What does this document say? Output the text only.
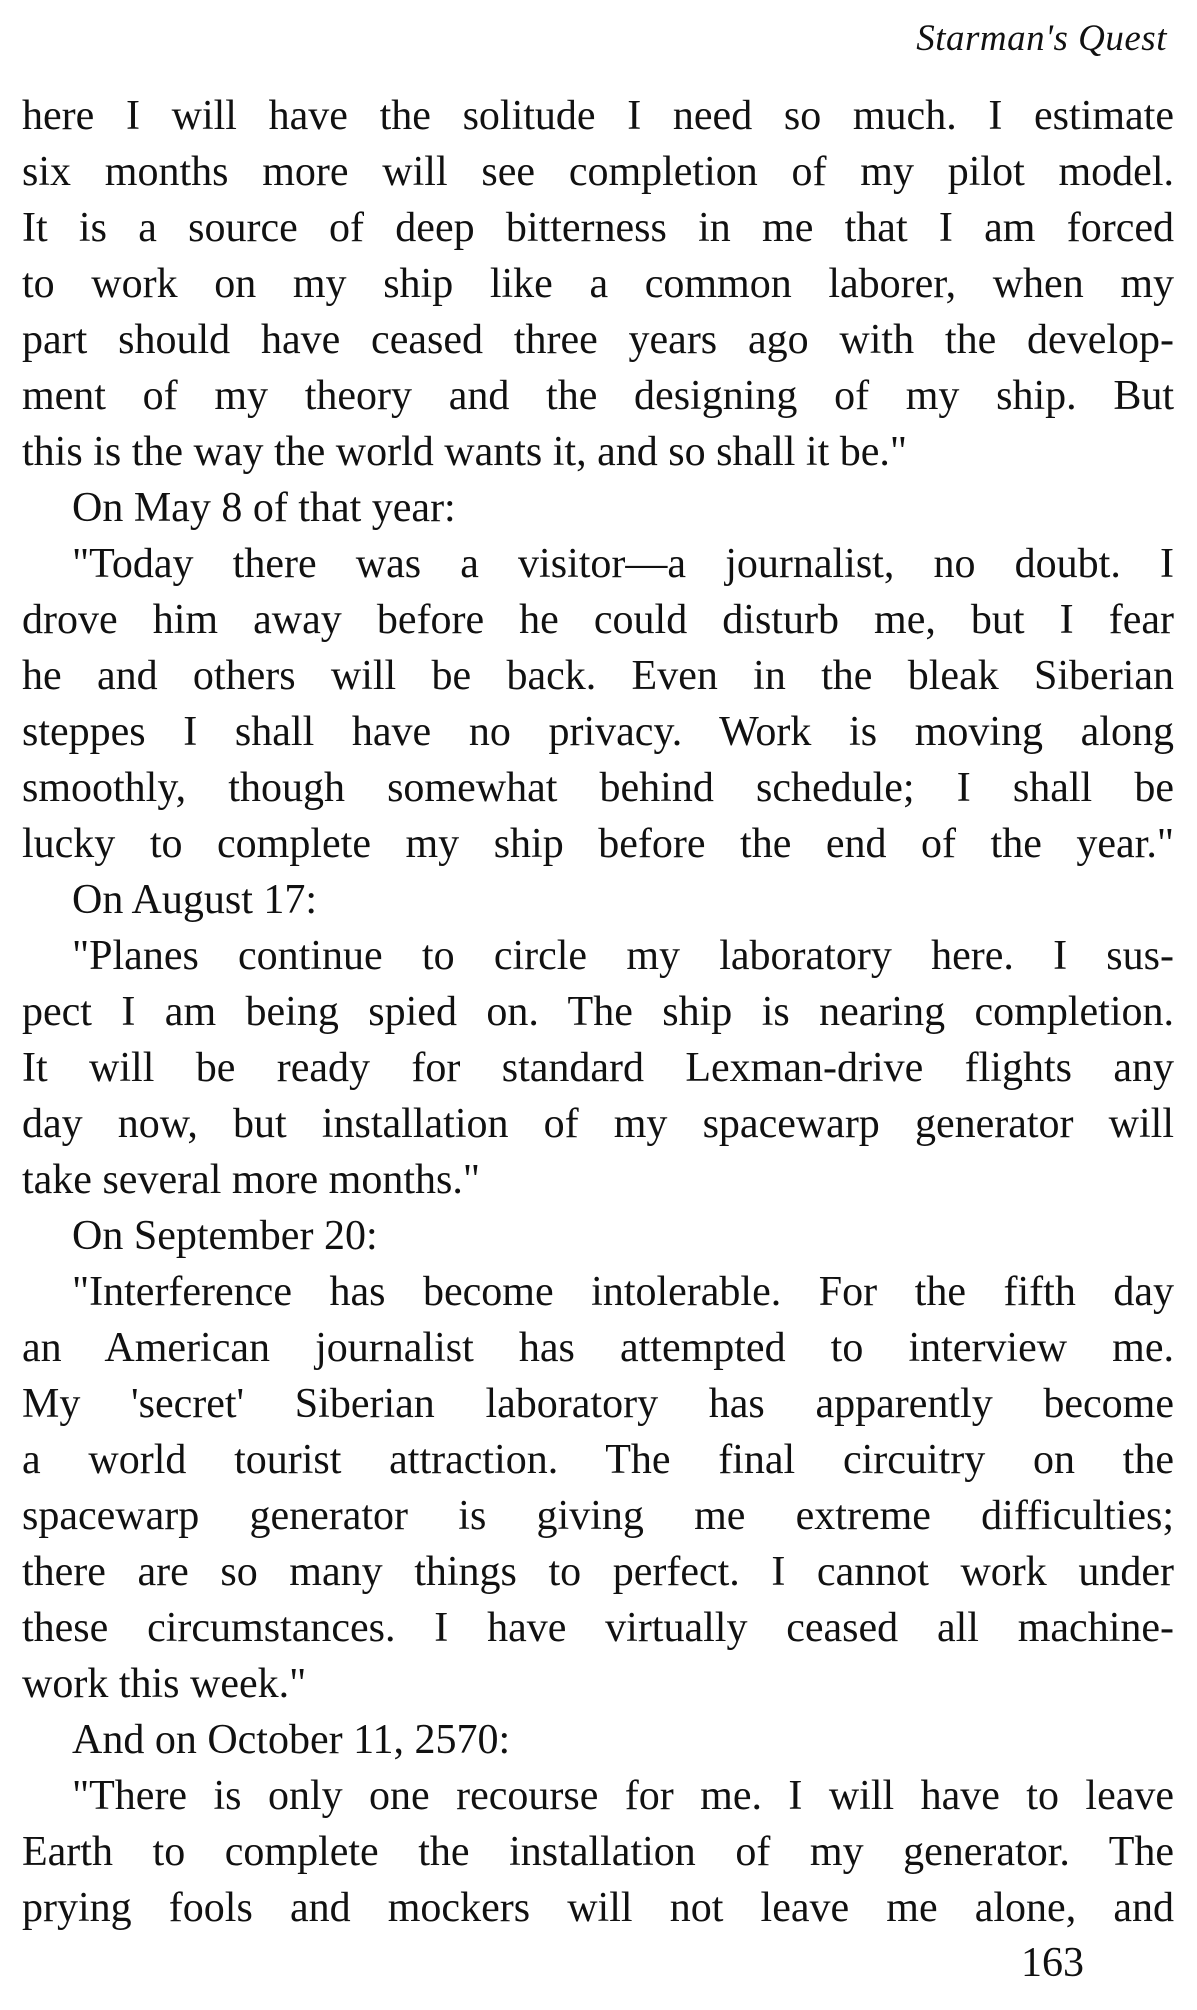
Starman's Quest
here I will have the solitude I need so much. I estimate
six months more will see completion of my pilot model.
It is a source of deep bitterness in me that I am forced
to work on my ship like a common laborer, when my
part should have ceased three years ago with the develop-
ment of my theory and the designing of my ship. But
this is the way the world wants it, and so shall it be."
On May 8 of that year:
"Today there was a visitor—a journalist, no doubt. I
drove him away before he could disturb me, but I fear
he and others will be back. Even in the bleak Siberian
steppes I shall have no privacy. Work is moving along
smoothly, though somewhat behind schedule; I shall be
lucky to complete my ship before the end of the year."
On August 17:
"Planes continue to circle my laboratory here. I sus-
pect I am being spied on. The ship is nearing completion.
It will be ready for standard Lexman-drive flights any
day now, but installation of my spacewarp generator will
take several more months."
On September 20:
"Interference has become intolerable. For the fifth day
an American journalist has attempted to interview me.
My 'secret' Siberian laboratory has apparently become
a world tourist attraction. The final circuitry on the
spacewarp generator is giving me extreme difficulties;
there are so many things to perfect. I cannot work under
these circumstances. I have virtually ceased all machine-
work this week."
And on October 11, 2570:
"There is only one recourse for me. I will have to leave
Earth to complete the installation of my generator. The
prying fools and mockers will not leave me alone, and
163
